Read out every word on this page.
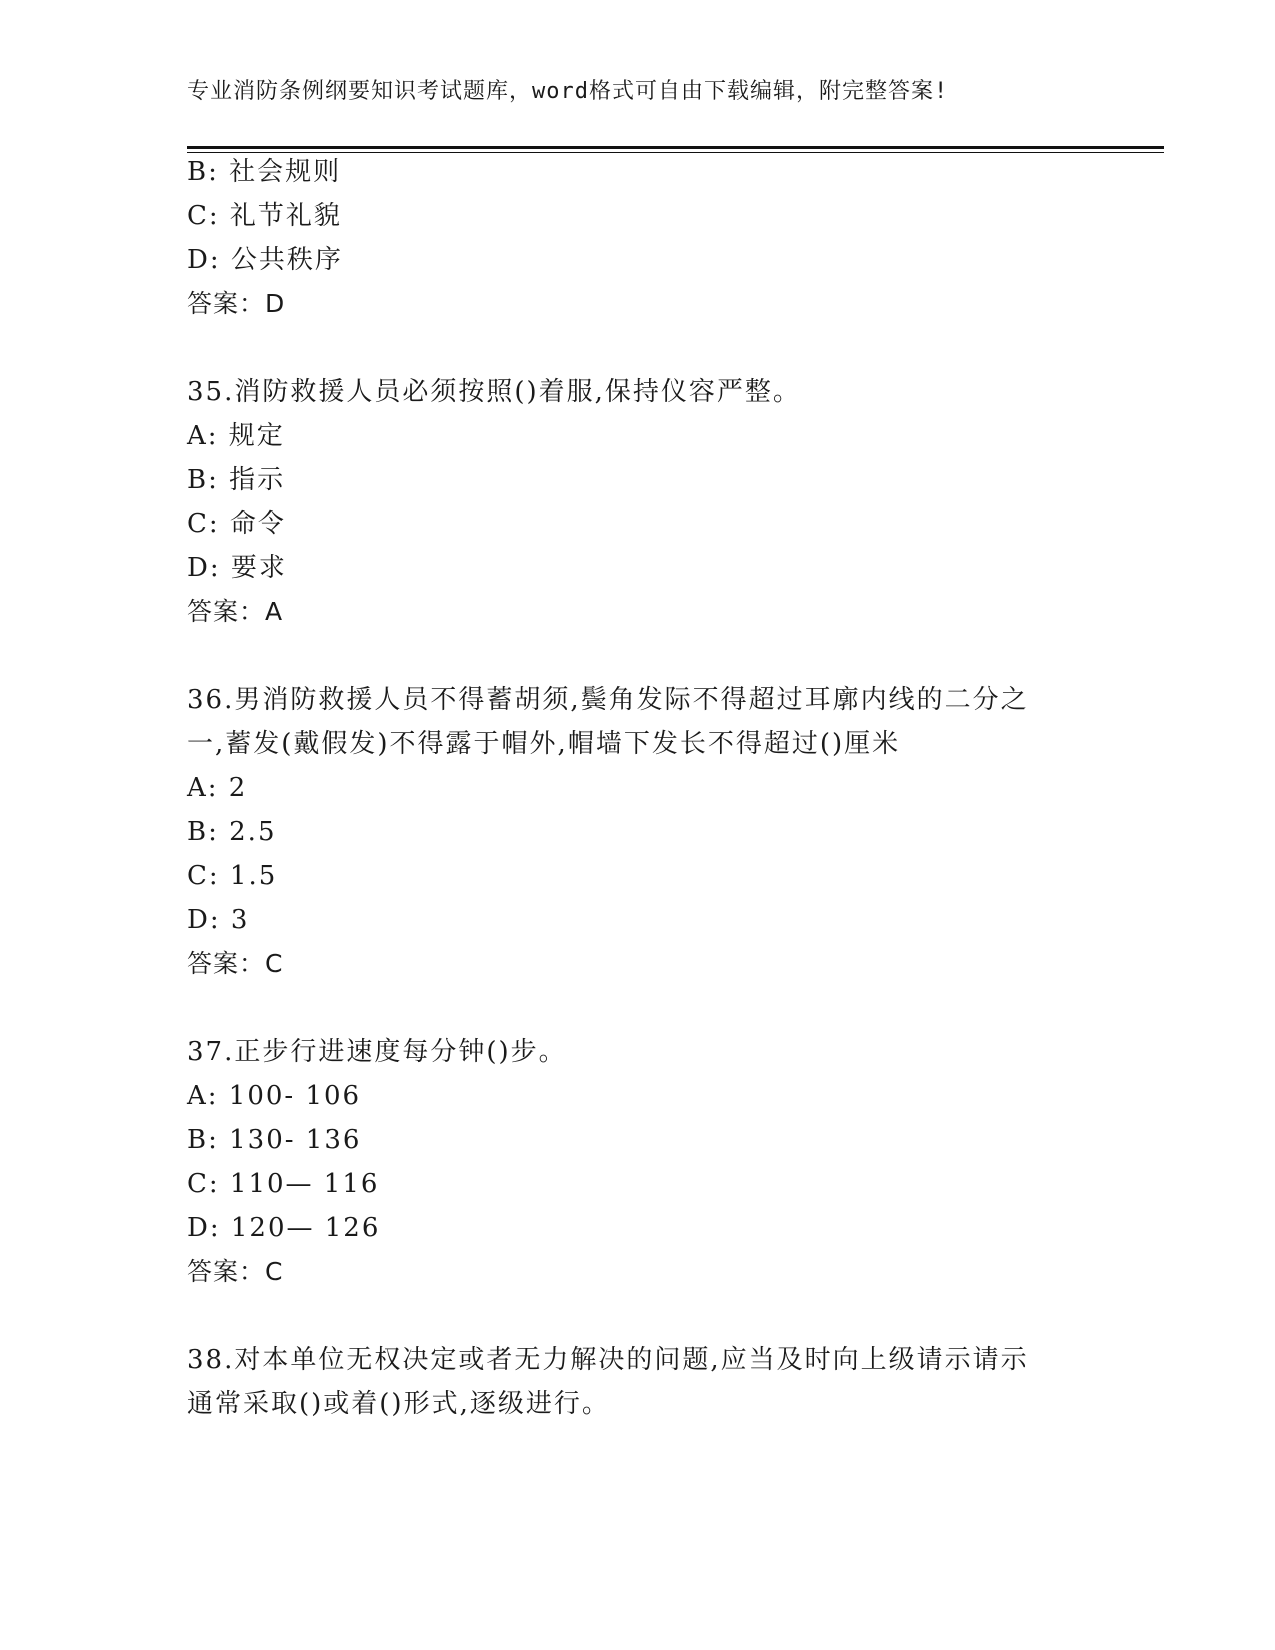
专业消防条例纲要知识考试题库，word格式可自由下载编辑，附完整答案!
B: 社会规则
C: 礼节礼貌
D: 公共秩序
答案：D
35.消防救援人员必须按照()着服,保持仪容严整。
A: 规定
B: 指示
C: 命令
D: 要求
答案：A
36.男消防救援人员不得蓄胡须,鬓角发际不得超过耳廓内线的二分之
一,蓄发(戴假发)不得露于帽外,帽墙下发长不得超过()厘米
A: 2
B: 2.5
C: 1.5
D: 3
答案：C
37.正步行进速度每分钟()步。
A: 100- 106
B: 130- 136
C: 110— 116
D: 120— 126
答案：C
38.对本单位无权决定或者无力解决的问题,应当及时向上级请示请示
通常采取()或着()形式,逐级进行。
